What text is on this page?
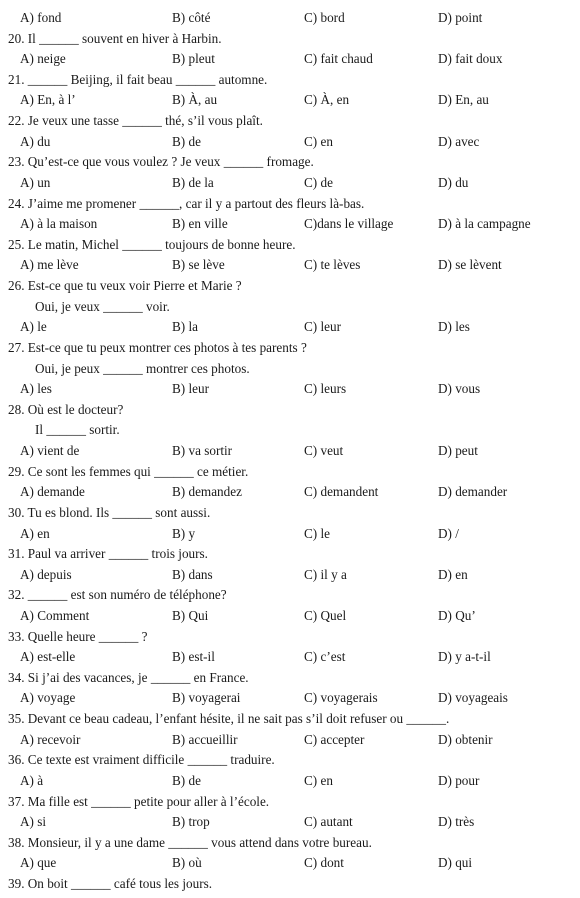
A) fond	B) côté	C) bord	D) point
20. Il ______ souvent en hiver à Harbin.
A) neige	B) pleut	C) fait chaud	D) fait doux
21. ______ Beijing, il fait beau ______ automne.
A) En, à l’	B) À, au	C) À, en	D) En, au
22. Je veux une tasse ______ thé, s’il vous plaît.
A) du	B) de	C) en	D) avec
23. Qu’est-ce que vous voulez ? Je veux ______ fromage.
A) un	B) de la	C) de	D) du
24. J’aime me promener ______, car il y a partout des fleurs là-bas.
A) à la maison	B) en ville	C)dans le village	D) à la campagne
25. Le matin, Michel ______ toujours de bonne heure.
A) me lève	B) se lève	C) te lèves	D) se lèvent
26. Est-ce que tu veux voir Pierre et Marie ?
Oui, je veux ______ voir.
A) le	B) la	C) leur	D) les
27. Est-ce que tu peux montrer ces photos à tes parents ?
Oui, je peux ______ montrer ces photos.
A) les	B) leur	C) leurs	D) vous
28. Où est le docteur?
Il ______ sortir.
A) vient de	B) va sortir	C) veut	D) peut
29. Ce sont les femmes qui ______ ce métier.
A) demande	B) demandez	C) demandent	D) demander
30. Tu es blond. Ils ______ sont aussi.
A) en	B) y	C) le	D) /
31. Paul va arriver ______ trois jours.
A) depuis	B) dans	C) il y a	D) en
32. ______ est son numéro de téléphone?
A) Comment	B) Qui	C) Quel	D) Qu’
33. Quelle heure ______ ?
A) est-elle	B) est-il	C) c’est	D) y a-t-il
34. Si j’ai des vacances, je ______ en France.
A) voyage	B) voyagerai	C) voyagerais	D) voyageais
35. Devant ce beau cadeau, l’enfant hésite, il ne sait pas s’il doit refuser ou ______.
A) recevoir	B) accueillir	C) accepter	D) obtenir
36. Ce texte est vraiment difficile ______ traduire.
A) à	B) de	C) en	D) pour
37. Ma fille est ______ petite pour aller à l’école.
A) si	B) trop	C) autant	D) très
38. Monsieur, il y a une dame ______ vous attend dans votre bureau.
A) que	B) où	C) dont	D) qui
39. On boit ______ café tous les jours.
